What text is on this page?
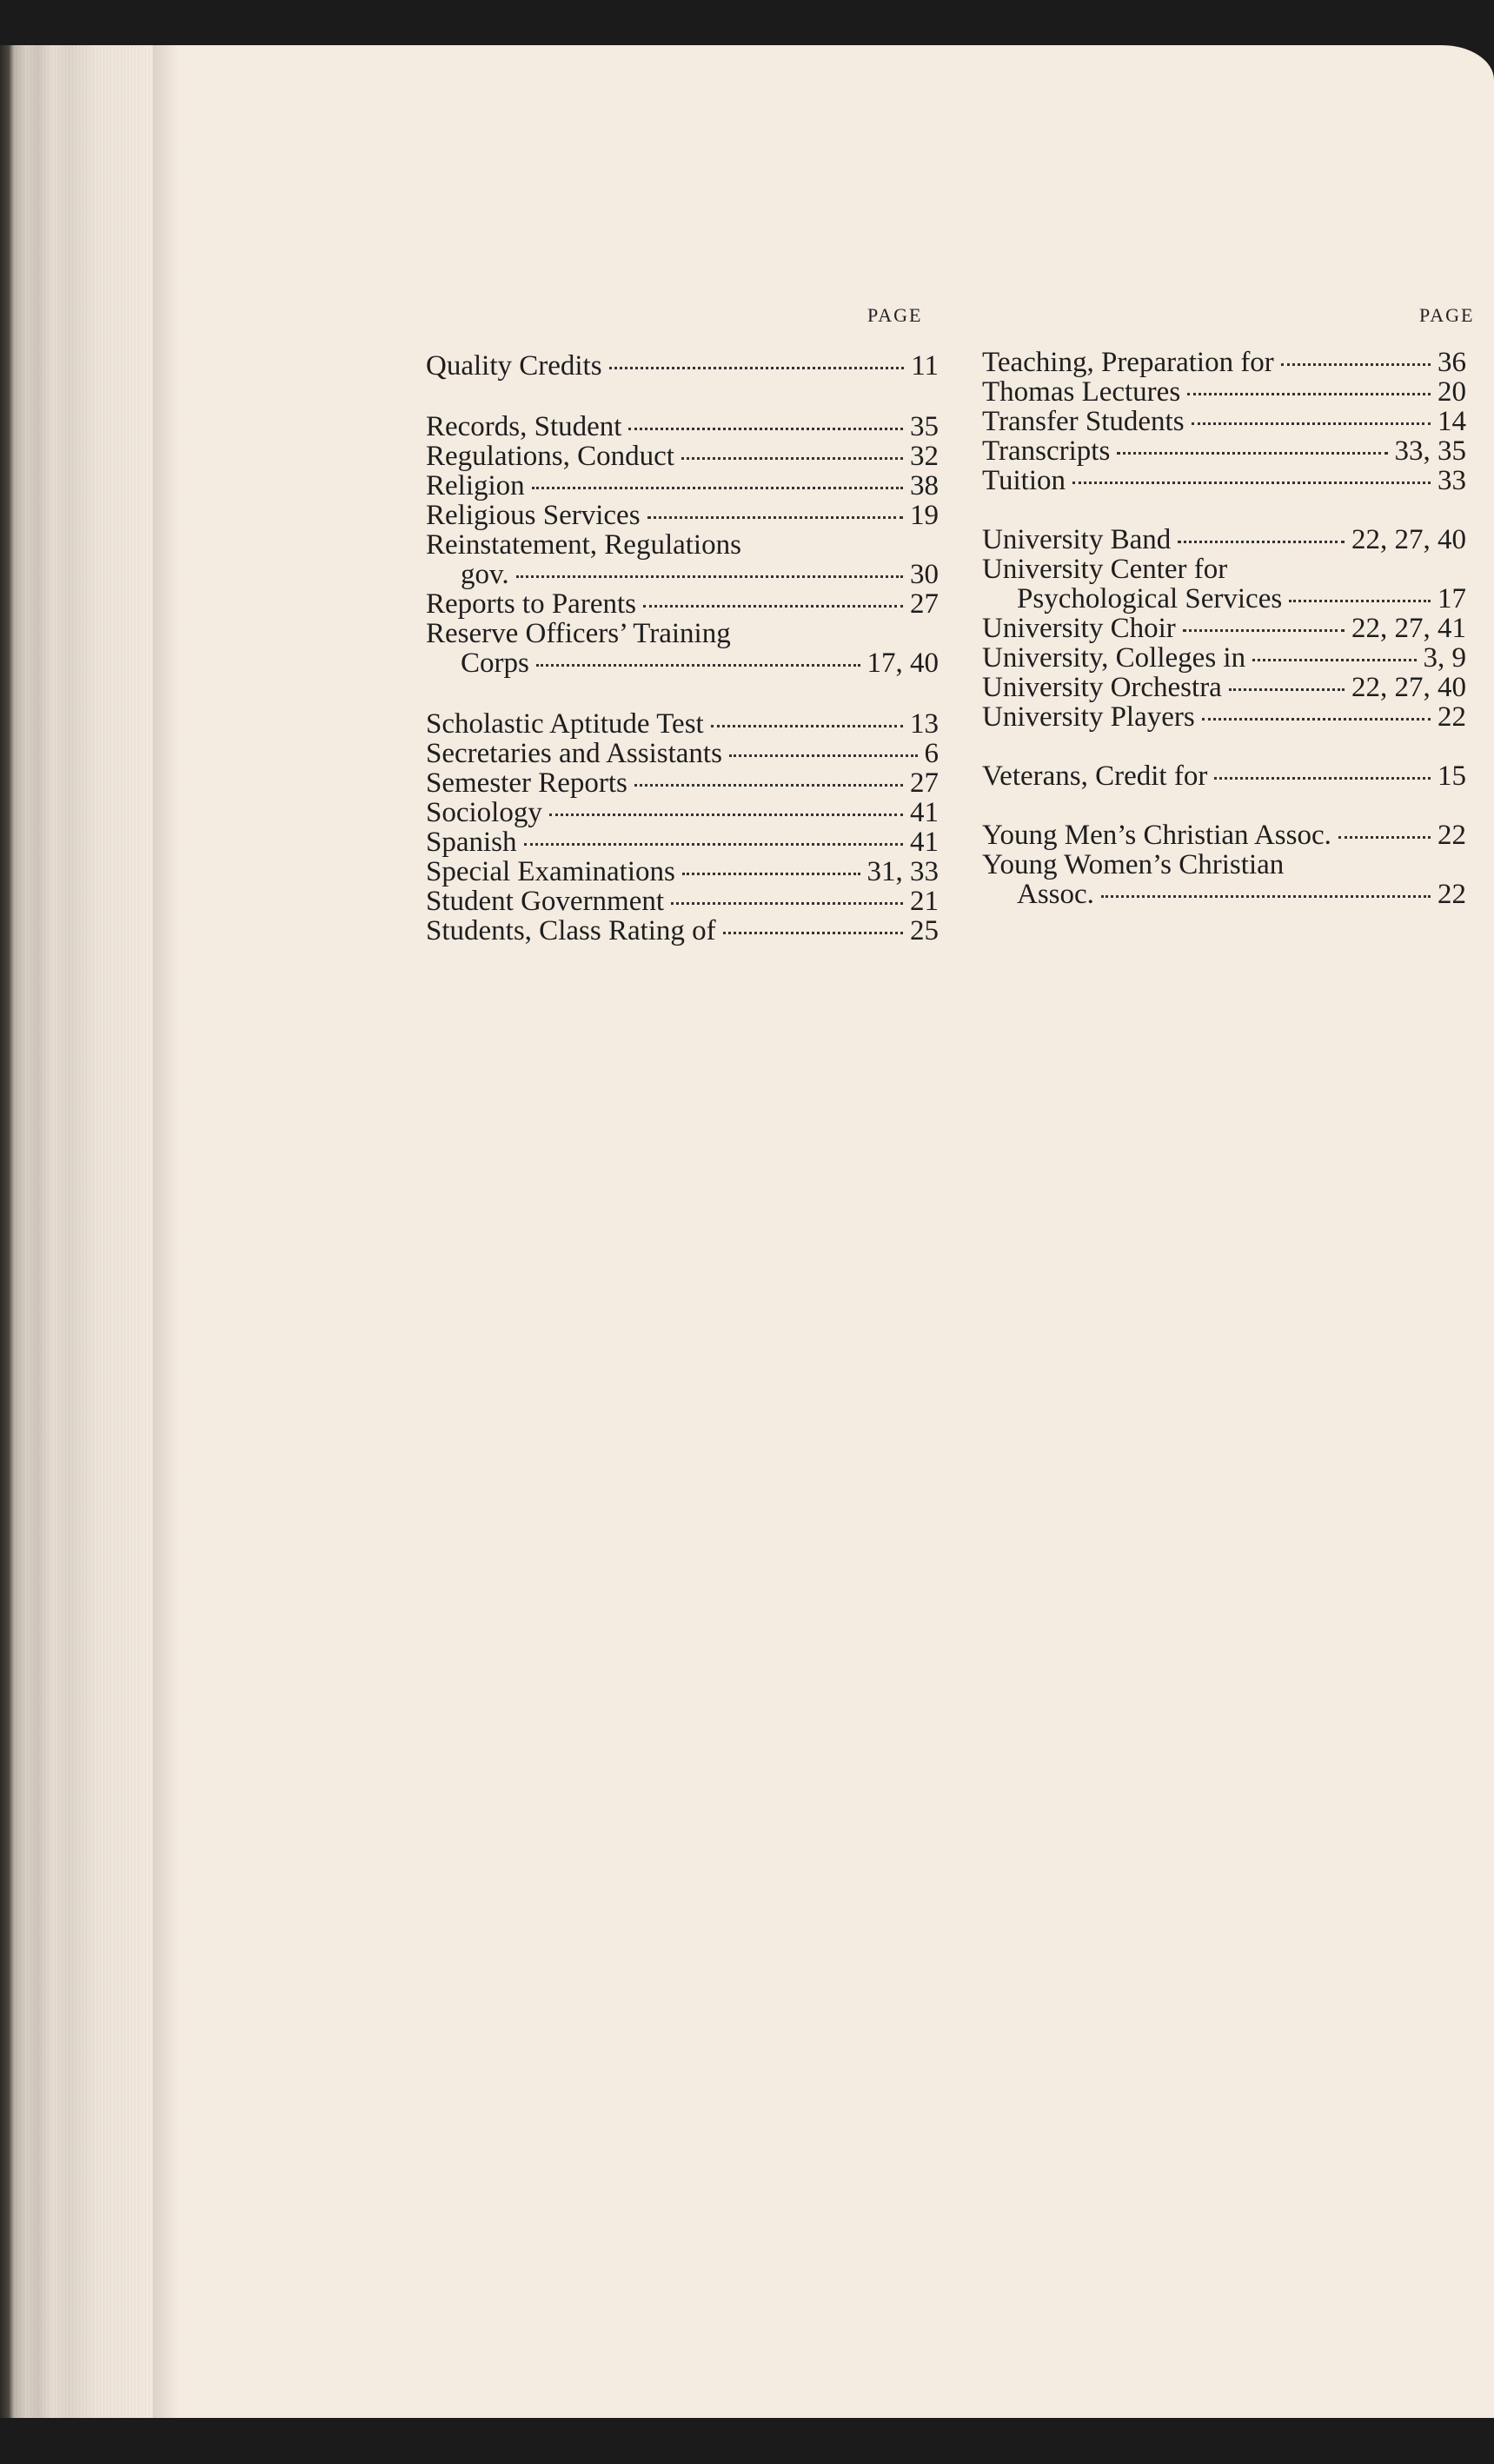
PAGE	PAGE
Quality Credits	11
Records, Student	35
Regulations, Conduct	32
Religion	38
Religious Services	19
Reinstatement, Regulations
gov.	30
Reports to Parents	27
Reserve Officers’ Training
Corps	17, 40
Scholastic Aptitude Test	13
Secretaries and Assistants	6
Semester Reports	27
Sociology	41
Spanish	41
Special Examinations	31, 33
Student Government	21
Students, Class Rating of	25
Teaching, Preparation for	36
Thomas Lectures	20
Transfer Students	14
Transcripts	33, 35
Tuition	33
University Band	22, 27, 40
University Center for
Psychological Services	17
University Choir	22, 27, 41
University, Colleges in	3, 9
University Orchestra	22, 27, 40
University Players	22
Veterans, Credit for	15
Young Men’s Christian Assoc.	22
Young Women’s Christian
Assoc.	22
